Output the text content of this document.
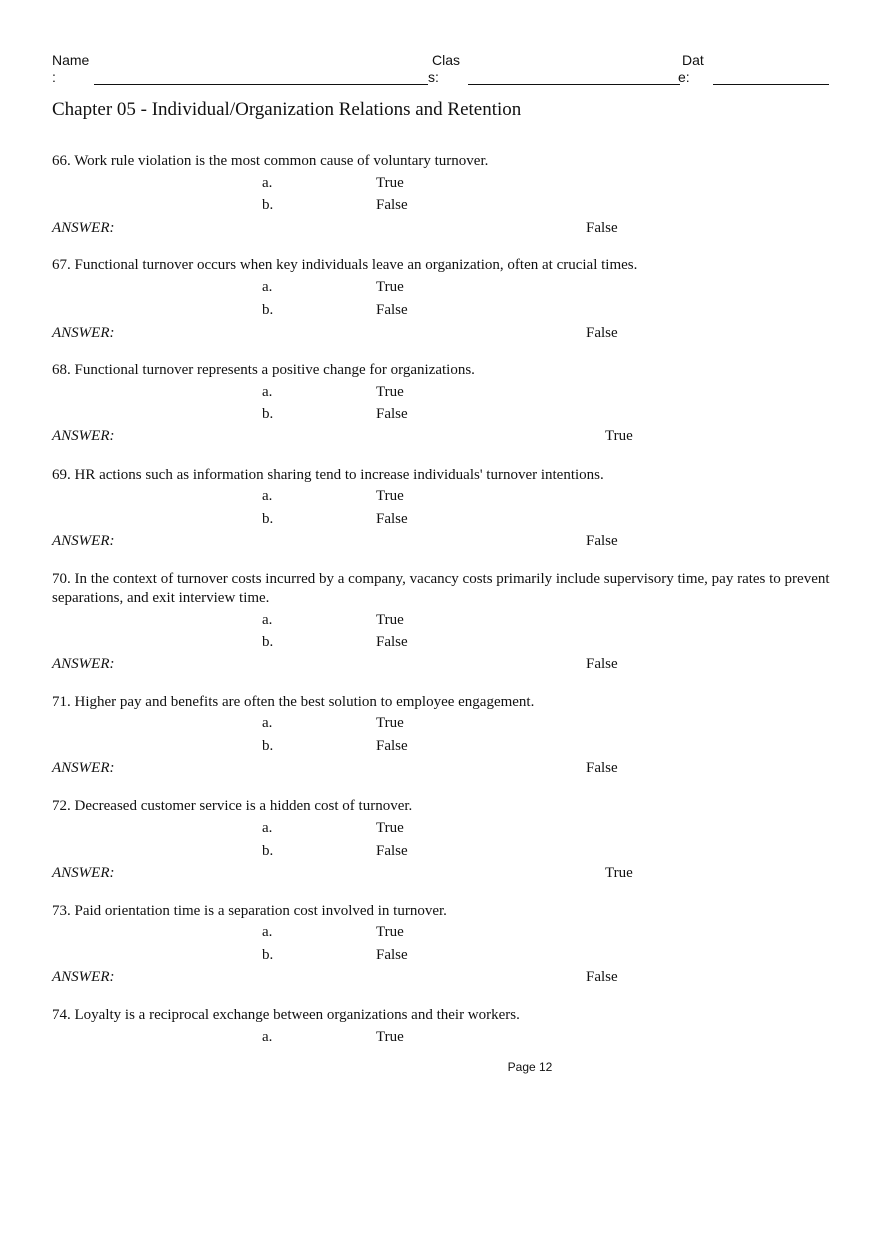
Name
:
Clas
s:
Dat
e:
Chapter 05 - Individual/Organization Relations and Retention
66. Work rule violation is the most common cause of voluntary turnover.
a.	True
b.	False
ANSWER:	False
67. Functional turnover occurs when key individuals leave an organization, often at crucial times.
a.	True
b.	False
ANSWER:	False
68. Functional turnover represents a positive change for organizations.
a.	True
b.	False
ANSWER:	True
69. HR actions such as information sharing tend to increase individuals' turnover intentions.
a.	True
b.	False
ANSWER:	False
70. In the context of turnover costs incurred by a company, vacancy costs primarily include supervisory time, pay rates to prevent separations, and exit interview time.
a.	True
b.	False
ANSWER:	False
71. Higher pay and benefits are often the best solution to employee engagement.
a.	True
b.	False
ANSWER:	False
72. Decreased customer service is a hidden cost of turnover.
a.	True
b.	False
ANSWER:	True
73. Paid orientation time is a separation cost involved in turnover.
a.	True
b.	False
ANSWER:	False
74. Loyalty is a reciprocal exchange between organizations and their workers.
a.	True
Page 12
